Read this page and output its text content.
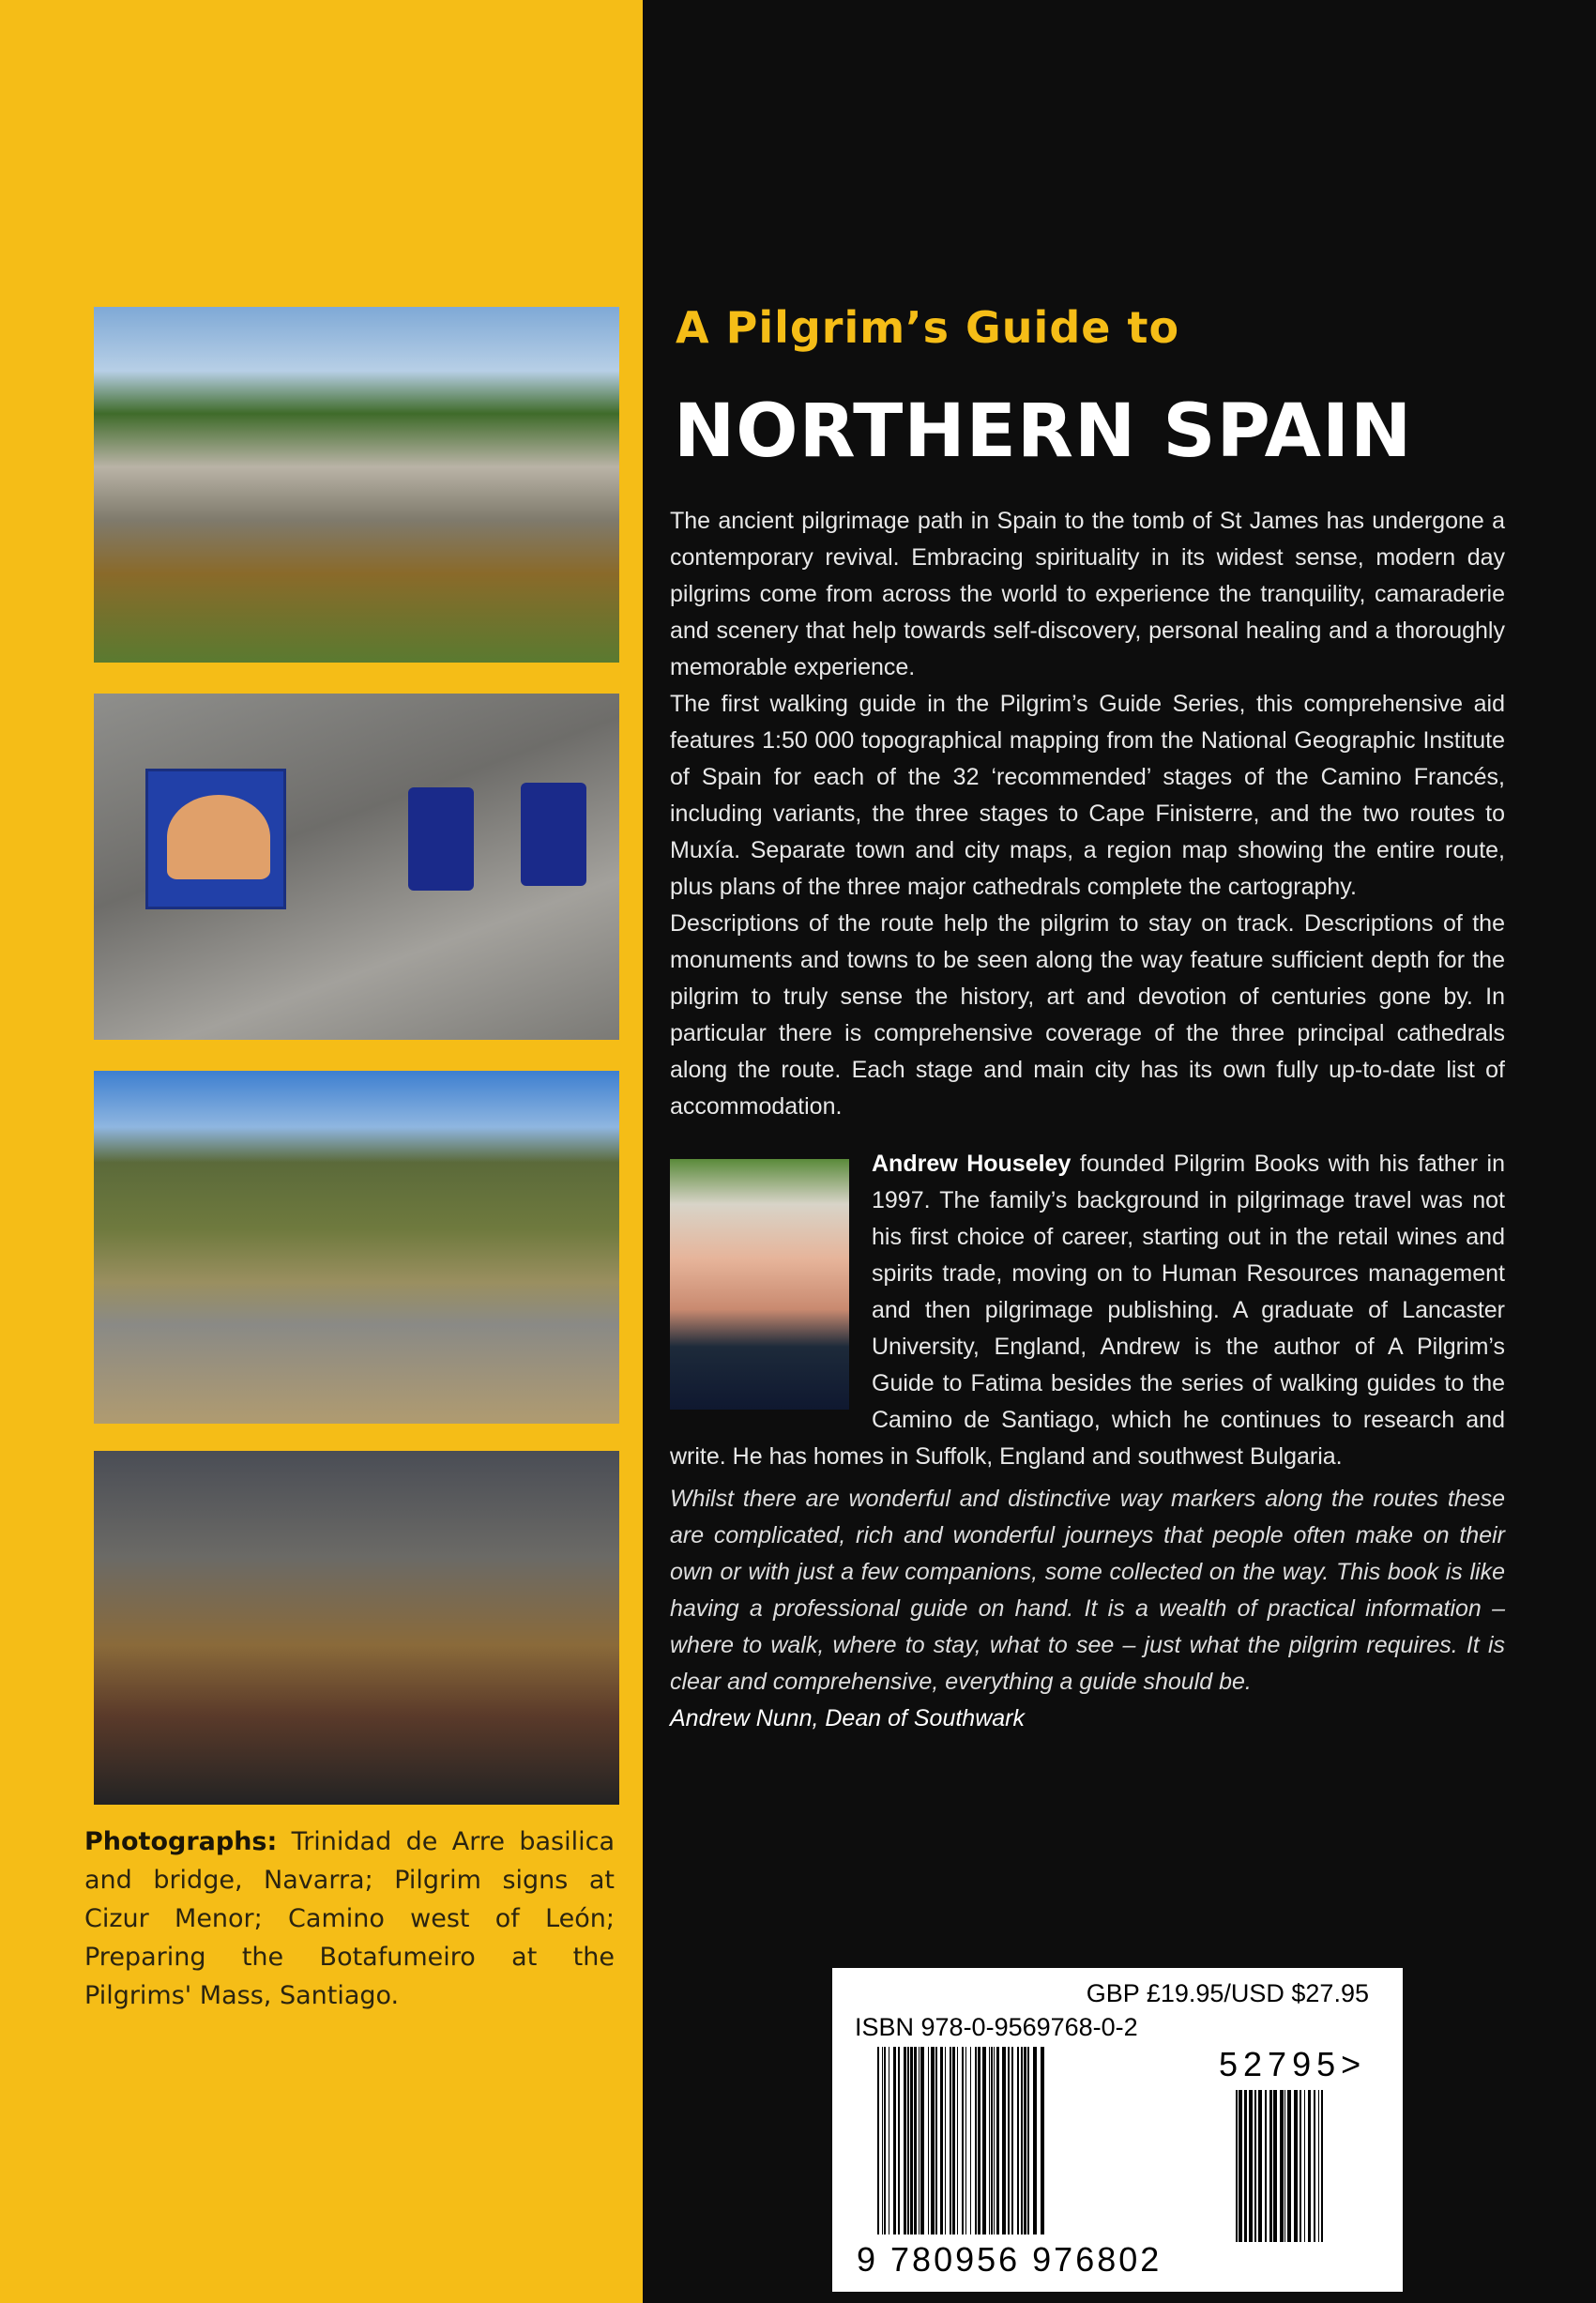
Photographs: Trinidad de Arre basilica and bridge, Navarra; Pilgrim signs at Cizur Menor; Camino west of León; Preparing the Botafumeiro at the Pilgrims' Mass, Santiago.

A Pilgrim’s Guide to
NORTHERN SPAIN

The ancient pilgrimage path in Spain to the tomb of St James has undergone a contemporary revival. Embracing spirituality in its widest sense, modern day pilgrims come from across the world to experience the tranquility, camaraderie and scenery that help towards self-discovery, personal healing and a thoroughly memorable experience.

The first walking guide in the Pilgrim’s Guide Series, this comprehensive aid features 1:50 000 topographical mapping from the National Geographic Institute of Spain for each of the 32 ‘recommended’ stages of the Camino Francés, including variants, the three stages to Cape Finisterre, and the two routes to Muxía. Separate town and city maps, a region map showing the entire route, plus plans of the three major cathedrals complete the cartography.

Descriptions of the route help the pilgrim to stay on track. Descriptions of the monuments and towns to be seen along the way feature sufficient depth for the pilgrim to truly sense the history, art and devotion of centuries gone by. In particular there is comprehensive coverage of the three principal cathedrals along the route. Each stage and main city has its own fully up-to-date list of accommodation.

Andrew Houseley founded Pilgrim Books with his father in 1997. The family’s background in pilgrimage travel was not his first choice of career, starting out in the retail wines and spirits trade, moving on to Human Resources management and then pilgrimage publishing. A graduate of Lancaster University, England, Andrew is the author of A Pilgrim’s Guide to Fatima besides the series of walking guides to the Camino de Santiago, which he continues to research and write. He has homes in Suffolk, England and southwest Bulgaria.

Whilst there are wonderful and distinctive way markers along the routes these are complicated, rich and wonderful journeys that people often make on their own or with just a few companions, some collected on the way. This book is like having a professional guide on hand. It is a wealth of practical information – where to walk, where to stay, what to see – just what the pilgrim requires. It is clear and comprehensive, everything a guide should be.

Andrew Nunn, Dean of Southwark

GBP £19.95/USD $27.95
ISBN 978-0-9569768-0-2
52795>
9 780956 976802
